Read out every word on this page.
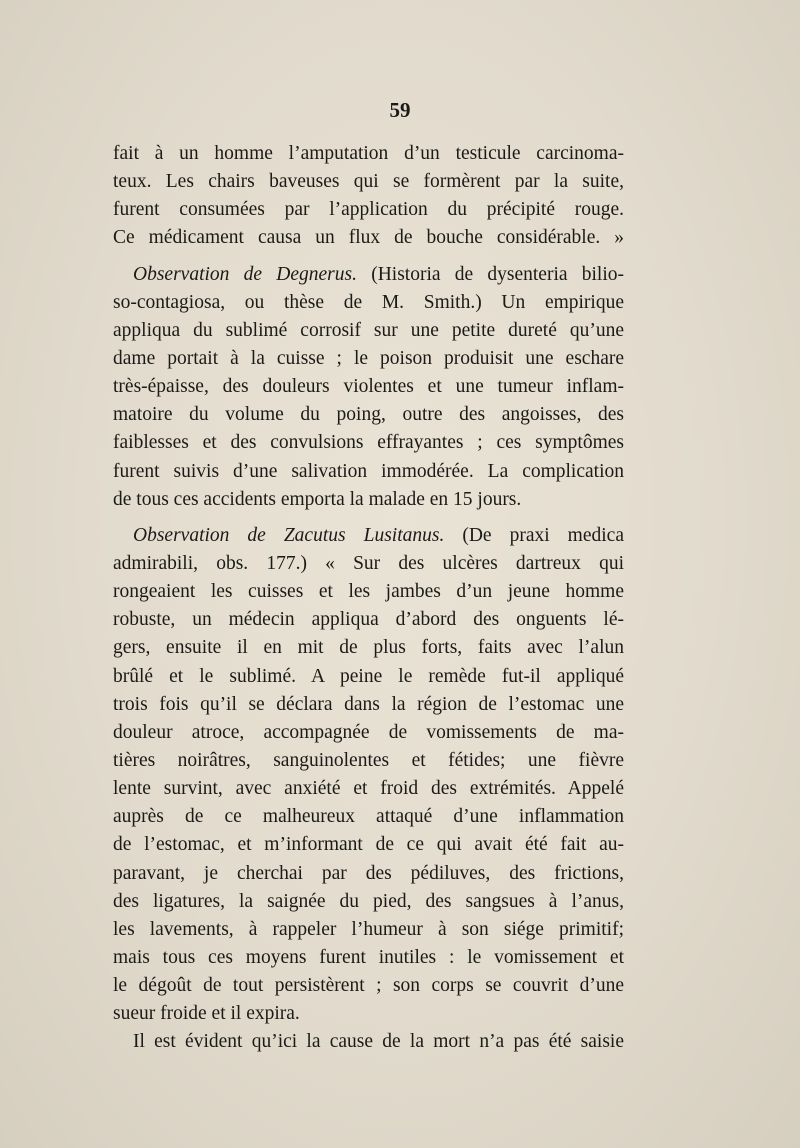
59

fait à un homme l’amputation d’un testicule carcinoma-
teux. Les chairs baveuses qui se formèrent par la suite,
furent consumées par l’application du précipité rouge.
Ce médicament causa un flux de bouche considérable. »
Observation de Degnerus. (Historia de dysenteria bilio-
so-contagiosa, ou thèse de M. Smith.) Un empirique
appliqua du sublimé corrosif sur une petite dureté qu’une
dame portait à la cuisse ; le poison produisit une eschare
très-épaisse, des douleurs violentes et une tumeur inflam-
matoire du volume du poing, outre des angoisses, des
faiblesses et des convulsions effrayantes ; ces symptômes
furent suivis d’une salivation immodérée. La complication
de tous ces accidents emporta la malade en 15 jours.
Observation de Zacutus Lusitanus. (De praxi medica
admirabili, obs. 177.) « Sur des ulcères dartreux qui
rongeaient les cuisses et les jambes d’un jeune homme
robuste, un médecin appliqua d’abord des onguents lé-
gers, ensuite il en mit de plus forts, faits avec l’alun
brûlé et le sublimé. A peine le remède fut-il appliqué
trois fois qu’il se déclara dans la région de l’estomac une
douleur atroce, accompagnée de vomissements de ma-
tières noirâtres, sanguinolentes et fétides; une fièvre
lente survint, avec anxiété et froid des extrémités. Appelé
auprès de ce malheureux attaqué d’une inflammation
de l’estomac, et m’informant de ce qui avait été fait au-
paravant, je cherchai par des pédiluves, des frictions,
des ligatures, la saignée du pied, des sangsues à l’anus,
les lavements, à rappeler l’humeur à son siége primitif;
mais tous ces moyens furent inutiles : le vomissement et
le dégoût de tout persistèrent ; son corps se couvrit d’une
sueur froide et il expira.
Il est évident qu’ici la cause de la mort n’a pas été saisie
